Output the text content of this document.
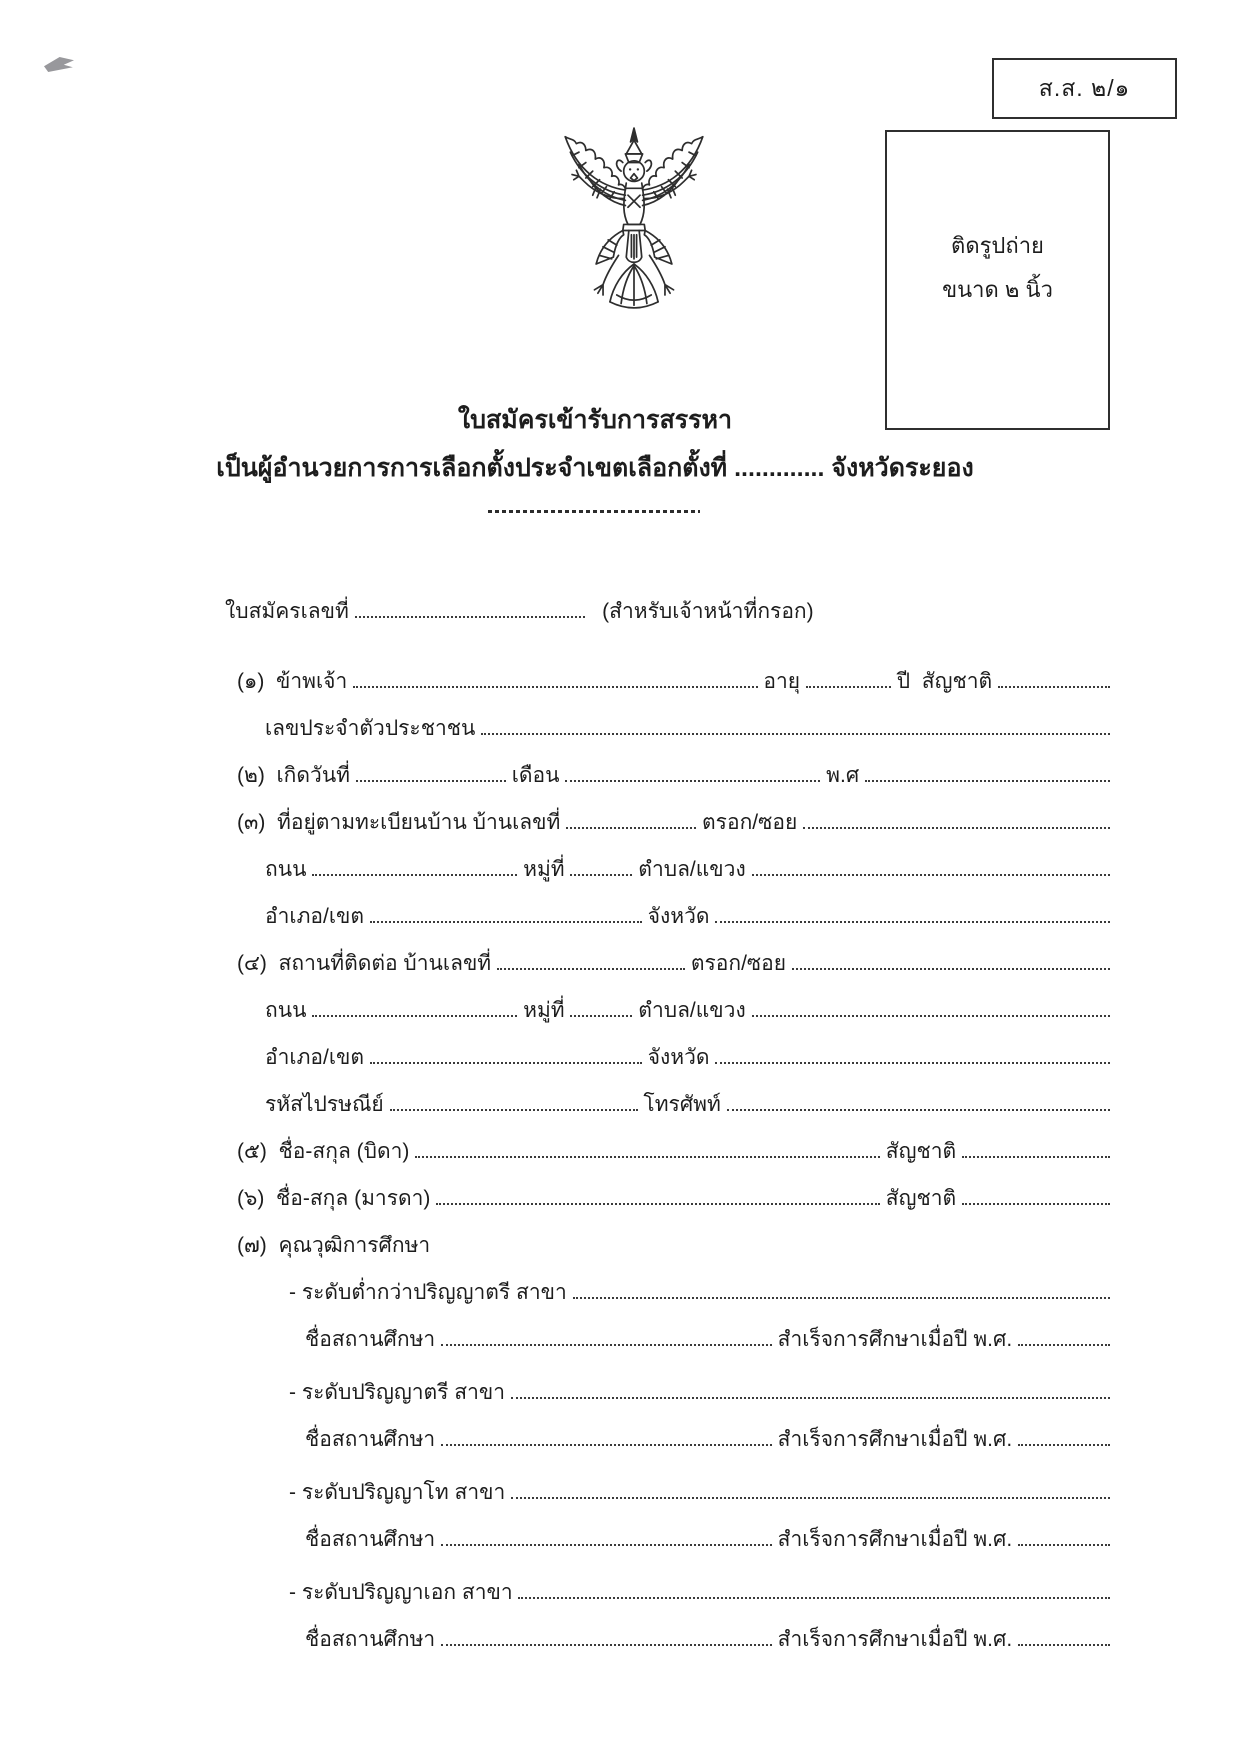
ส.ส. ๒/๑
ติดรูปถ่าย
ขนาด ๒ นิ้ว
ใบสมัครเข้ารับการสรรหา
เป็นผู้อำนวยการการเลือกตั้งประจำเขตเลือกตั้งที่ ............. จังหวัดระยอง
ใบสมัครเลขที่	(สำหรับเจ้าหน้าที่กรอก)
(๑)  ข้าพเจ้า	อายุ	ปี  สัญชาติ
เลขประจำตัวประชาชน
(๒)  เกิดวันที่	เดือน	พ.ศ
(๓)  ที่อยู่ตามทะเบียนบ้าน บ้านเลขที่	ตรอก/ซอย
ถนน	หมู่ที่	ตำบล/แขวง
อำเภอ/เขต	จังหวัด
(๔)  สถานที่ติดต่อ บ้านเลขที่	ตรอก/ซอย
ถนน	หมู่ที่	ตำบล/แขวง
อำเภอ/เขต	จังหวัด
รหัสไปรษณีย์	โทรศัพท์
(๕)  ชื่อ-สกุล (บิดา)	สัญชาติ
(๖)  ชื่อ-สกุล (มารดา)	สัญชาติ
(๗)  คุณวุฒิการศึกษา
- ระดับต่ำกว่าปริญญาตรี สาขา
ชื่อสถานศึกษา	สำเร็จการศึกษาเมื่อปี พ.ศ.
- ระดับปริญญาตรี สาขา
ชื่อสถานศึกษา	สำเร็จการศึกษาเมื่อปี พ.ศ.
- ระดับปริญญาโท สาขา
ชื่อสถานศึกษา	สำเร็จการศึกษาเมื่อปี พ.ศ.
- ระดับปริญญาเอก สาขา
ชื่อสถานศึกษา	สำเร็จการศึกษาเมื่อปี พ.ศ.
